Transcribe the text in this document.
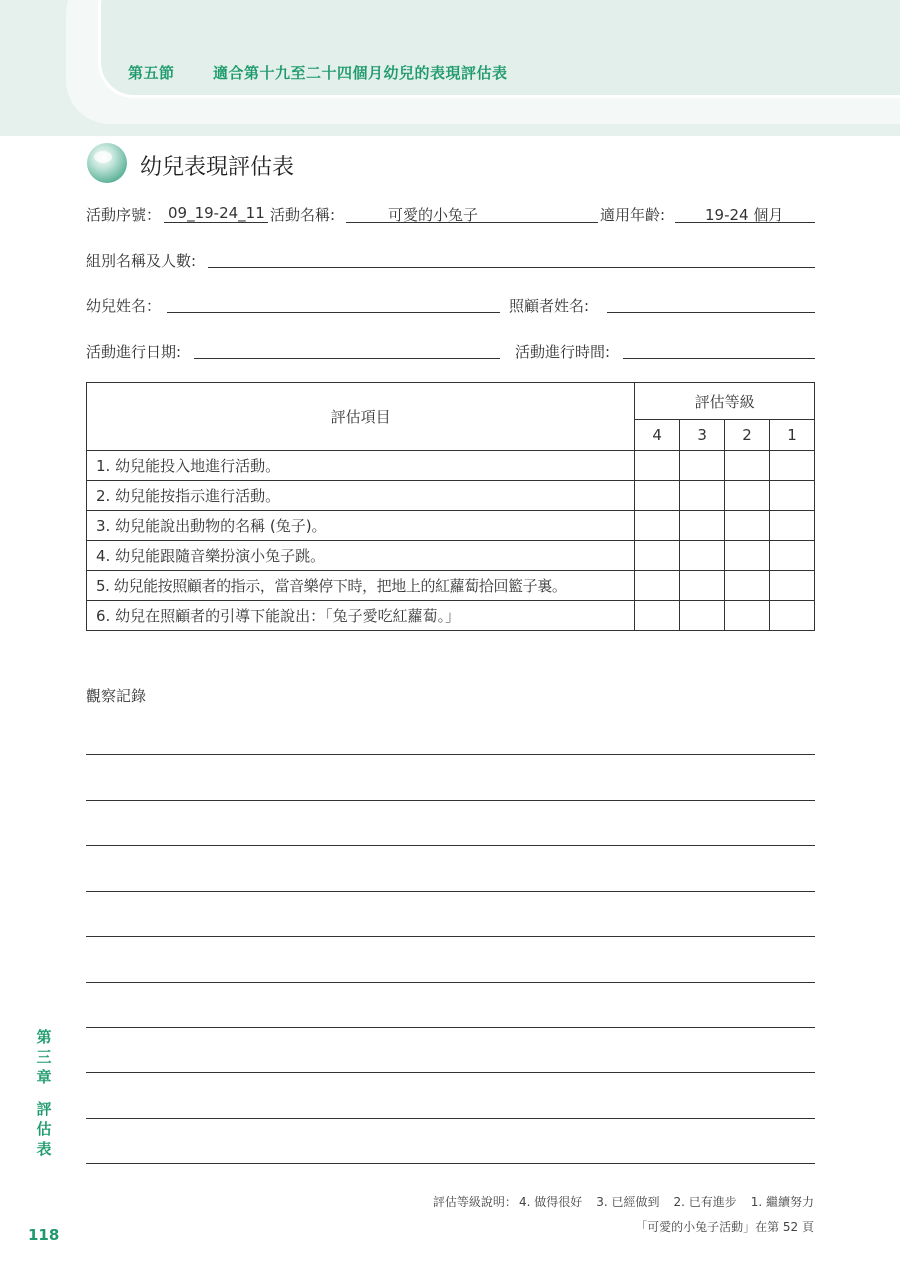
第五節	適合第十九至二十四個月幼兒的表現評估表
幼兒表現評估表
活動序號： 09_19-24_11 活動名稱:	可愛的小兔子	適用年齡:	19-24 個月
組別名稱及人數:
幼兒姓名：	照顧者姓名:
活動進行日期:	活動進行時間:
評估項目	評估等級			
	4	3	2	1
1. 幼兒能投入地進行活動。				
2. 幼兒能按指示進行活動。				
3. 幼兒能說出動物的名稱 (兔子)。				
4. 幼兒能跟隨音樂扮演小兔子跳。				
5. 幼兒能按照顧者的指示，當音樂停下時，把地上的紅蘿蔔拾回籃子裏。				
6. 幼兒在照顧者的引導下能說出：「兔子愛吃紅蘿蔔。」				
觀察記錄
第
三
章
評
估
表
評估等級說明： 4. 做得很好 3. 已經做到 2. 已有進步 1. 繼續努力
「可愛的小兔子活動」在第 52 頁
118
